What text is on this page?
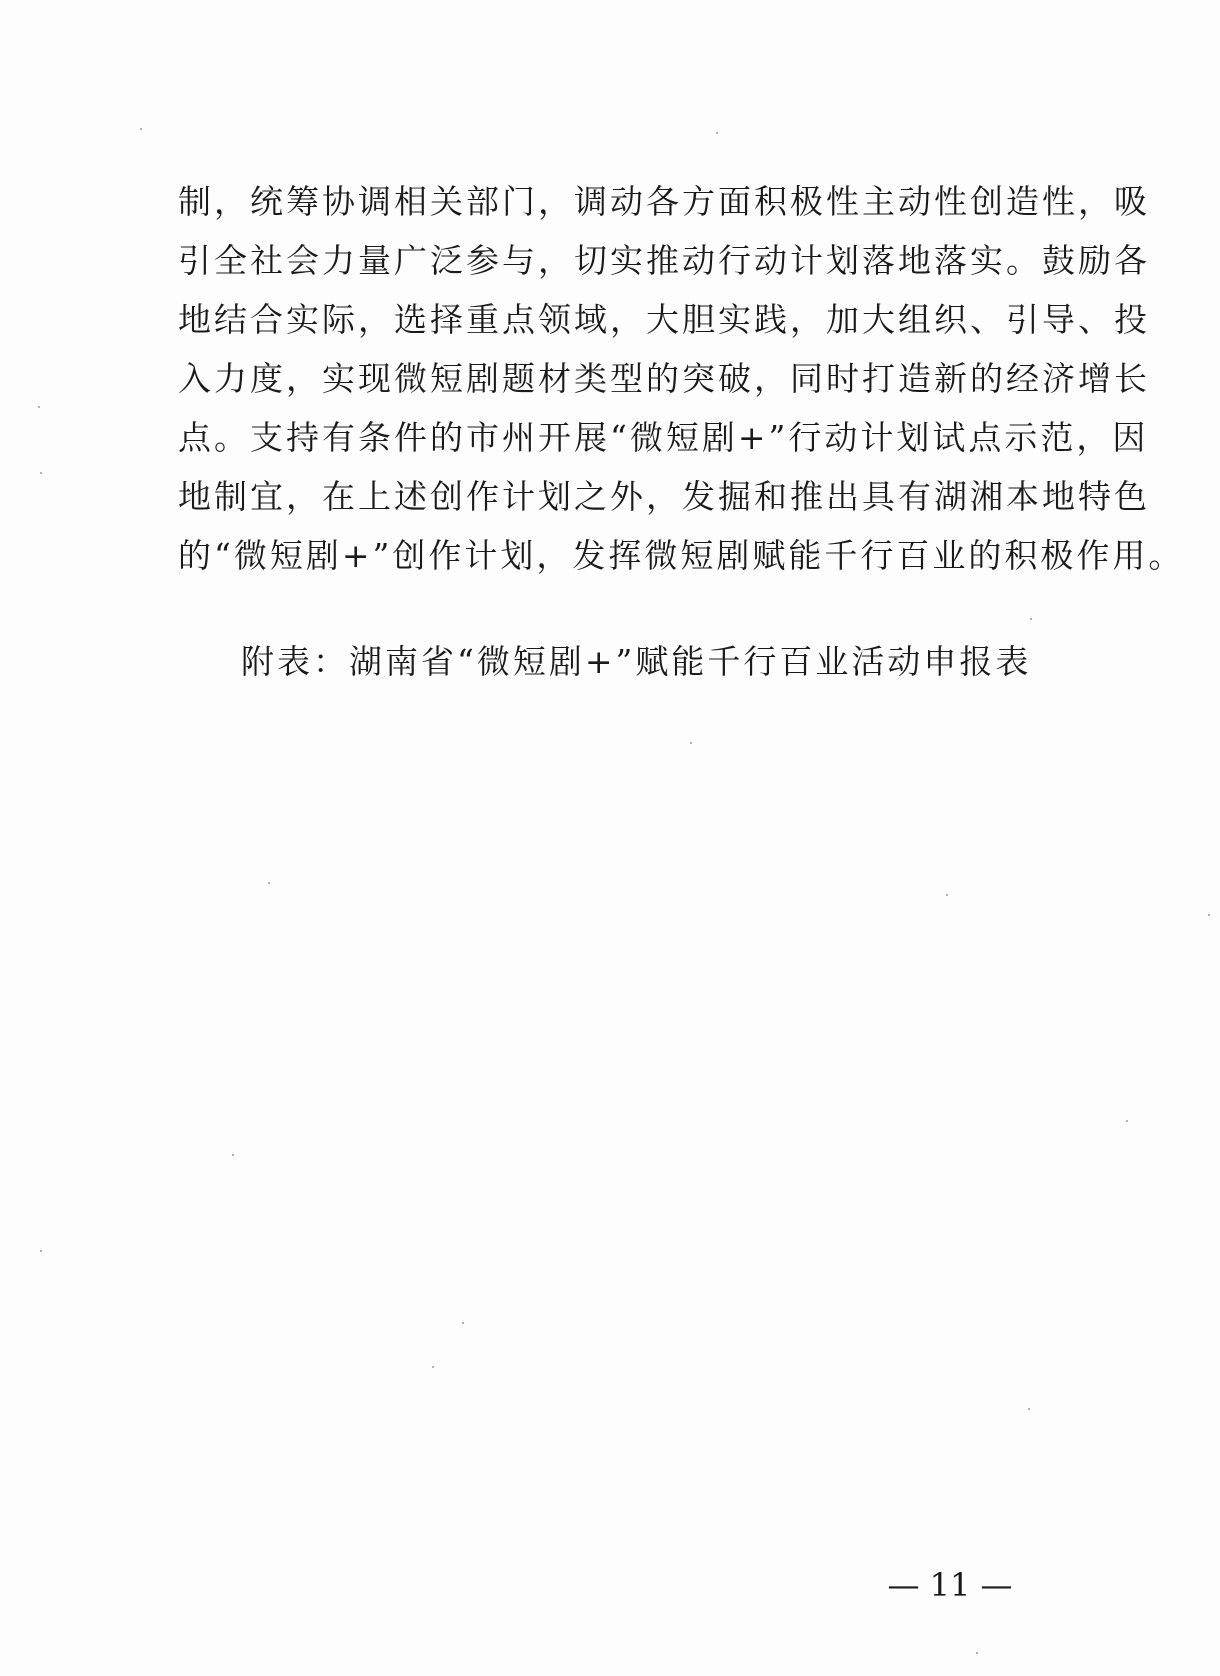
制，统筹协调相关部门，调动各方面积极性主动性创造性，吸
引全社会力量广泛参与，切实推动行动计划落地落实。鼓励各
地结合实际，选择重点领域，大胆实践，加大组织、引导、投
入力度，实现微短剧题材类型的突破，同时打造新的经济增长
点。支持有条件的市州开展“微短剧+”行动计划试点示范，因
地制宜，在上述创作计划之外，发掘和推出具有湖湘本地特色
的“微短剧+”创作计划，发挥微短剧赋能千行百业的积极作用。
附表：湖南省“微短剧+”赋能千行百业活动申报表
— 11 —
